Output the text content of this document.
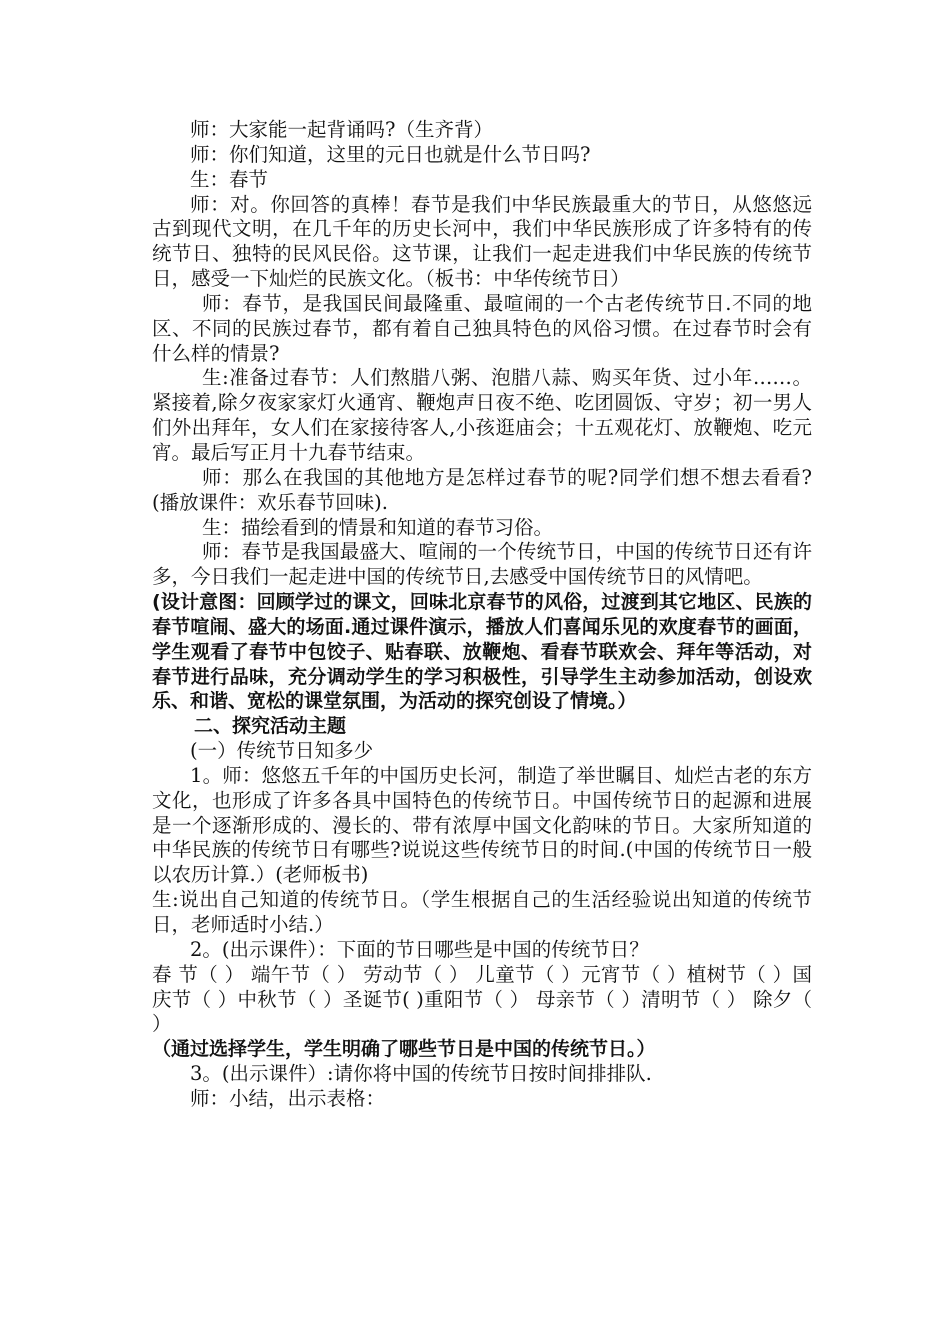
师：大家能一起背诵吗?（生齐背）

师：你们知道，这里的元日也就是什么节日吗?

生：春节

师：对。你回答的真棒！春节是我们中华民族最重大的节日，从悠悠远古到现代文明，在几千年的历史长河中，我们中华民族形成了许多特有的传统节日、独特的民风民俗。这节课，让我们一起走进我们中华民族的传统节日，感受一下灿烂的民族文化。（板书：中华传统节日）

师：春节，是我国民间最隆重、最喧闹的一个古老传统节日.不同的地区、不同的民族过春节，都有着自己独具特色的风俗习惯。在过春节时会有什么样的情景?

生:准备过春节：人们熬腊八粥、泡腊八蒜、购买年货、过小年……。紧接着,除夕夜家家灯火通宵、鞭炮声日夜不绝、吃团圆饭、守岁；初一男人们外出拜年，女人们在家接待客人,小孩逛庙会；十五观花灯、放鞭炮、吃元宵。最后写正月十九春节结束。

师：那么在我国的其他地方是怎样过春节的呢?同学们想不想去看看?(播放课件：欢乐春节回味).

生：描绘看到的情景和知道的春节习俗。

师：春节是我国最盛大、喧闹的一个传统节日，中国的传统节日还有许多，今日我们一起走进中国的传统节日,去感受中国传统节日的风情吧。

(设计意图：回顾学过的课文，回味北京春节的风俗，过渡到其它地区、民族的春节喧闹、盛大的场面.通过课件演示，播放人们喜闻乐见的欢度春节的画面，学生观看了春节中包饺子、贴春联、放鞭炮、看春节联欢会、拜年等活动，对春节进行品味，充分调动学生的学习积极性，引导学生主动参加活动，创设欢乐、和谐、宽松的课堂氛围，为活动的探究创设了情境。）

二、探究活动主题

(一）传统节日知多少

1。师：悠悠五千年的中国历史长河，制造了举世瞩目、灿烂古老的东方文化，也形成了许多各具中国特色的传统节日。中国传统节日的起源和进展是一个逐渐形成的、漫长的、带有浓厚中国文化韵味的节日。大家所知道的中华民族的传统节日有哪些?说说这些传统节日的时间.(中国的传统节日一般以农历计算.）(老师板书)

生:说出自己知道的传统节日。（学生根据自己的生活经验说出知道的传统节日，老师适时小结.）

2。(出示课件）：下面的节日哪些是中国的传统节日？

春 节（ ） 端午节（ ） 劳动节（ ） 儿童节（ ）元宵节（ ）植树节（ ）国庆节（ ）中秋节（ ）圣诞节( )重阳节（ ） 母亲节（ ）清明节（ ） 除夕（ ）

（通过选择学生，学生明确了哪些节日是中国的传统节日。）

3。(出示课件）:请你将中国的传统节日按时间排排队.

师：小结，出示表格：
